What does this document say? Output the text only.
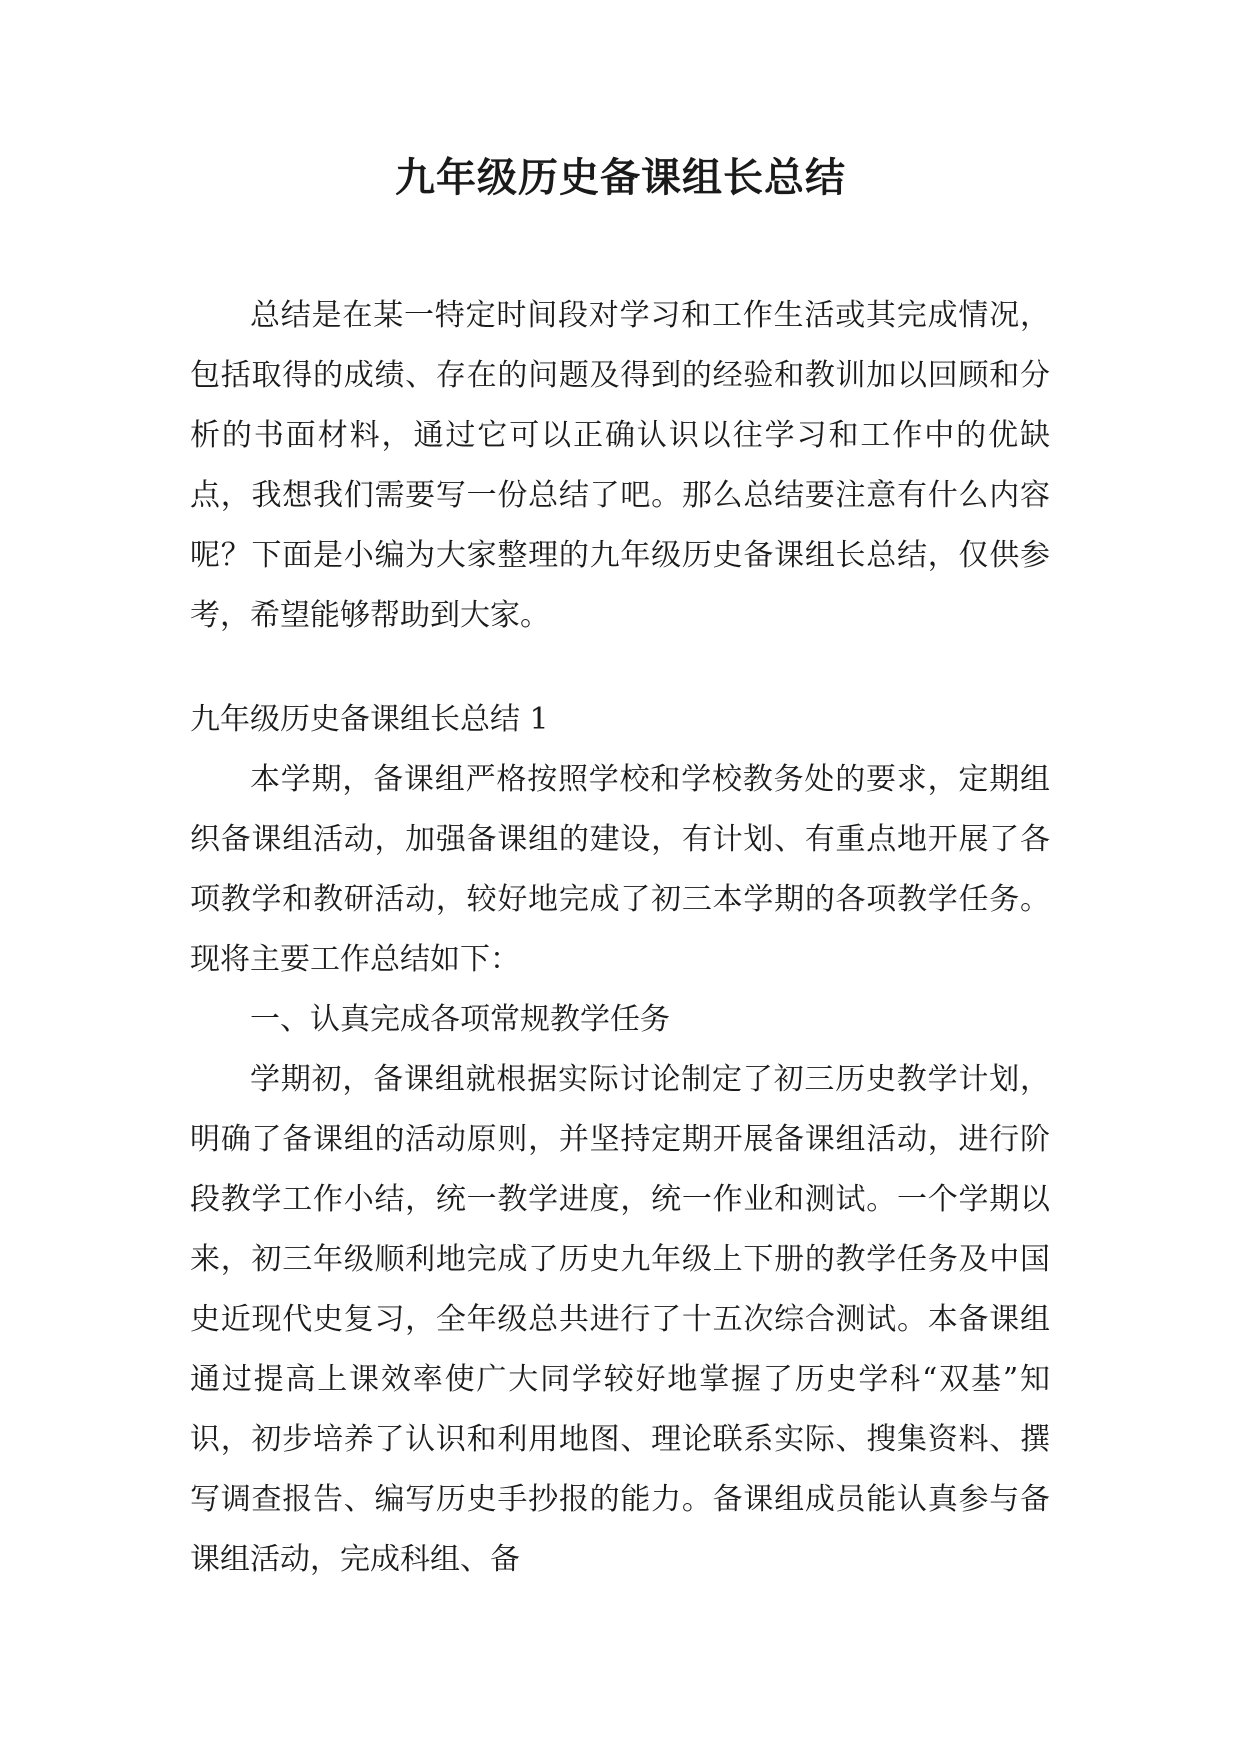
九年级历史备课组长总结

总结是在某一特定时间段对学习和工作生活或其完成情况，包括取得的成绩、存在的问题及得到的经验和教训加以回顾和分析的书面材料，通过它可以正确认识以往学习和工作中的优缺点，我想我们需要写一份总结了吧。那么总结要注意有什么内容呢？下面是小编为大家整理的九年级历史备课组长总结，仅供参考，希望能够帮助到大家。

九年级历史备课组长总结 1

本学期，备课组严格按照学校和学校教务处的要求，定期组织备课组活动，加强备课组的建设，有计划、有重点地开展了各项教学和教研活动，较好地完成了初三本学期的各项教学任务。现将主要工作总结如下：

一、认真完成各项常规教学任务

学期初，备课组就根据实际讨论制定了初三历史教学计划，明确了备课组的活动原则，并坚持定期开展备课组活动，进行阶段教学工作小结，统一教学进度，统一作业和测试。一个学期以来，初三年级顺利地完成了历史九年级上下册的教学任务及中国史近现代史复习，全年级总共进行了十五次综合测试。本备课组通过提高上课效率使广大同学较好地掌握了历史学科“双基”知识，初步培养了认识和利用地图、理论联系实际、搜集资料、撰写调查报告、编写历史手抄报的能力。备课组成员能认真参与备课组活动，完成科组、备
